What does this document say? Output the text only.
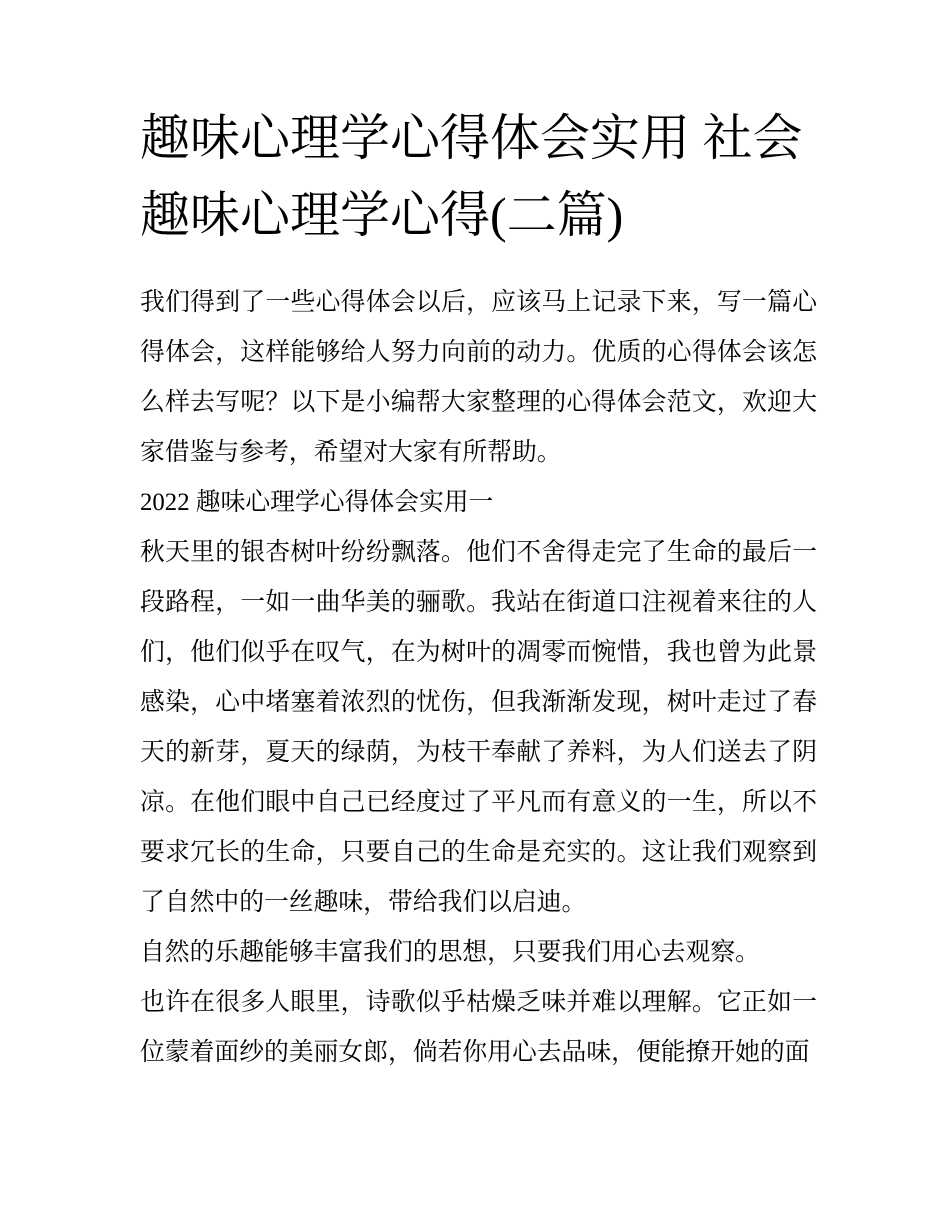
趣味心理学心得体会实用 社会趣味心理学心得(二篇)

我们得到了一些心得体会以后，应该马上记录下来，写一篇心得体会，这样能够给人努力向前的动力。优质的心得体会该怎么样去写呢？以下是小编帮大家整理的心得体会范文，欢迎大家借鉴与参考，希望对大家有所帮助。

2022 趣味心理学心得体会实用一

秋天里的银杏树叶纷纷飘落。他们不舍得走完了生命的最后一段路程，一如一曲华美的骊歌。我站在街道口注视着来往的人们，他们似乎在叹气，在为树叶的凋零而惋惜，我也曾为此景感染，心中堵塞着浓烈的忧伤，但我渐渐发现，树叶走过了春天的新芽，夏天的绿荫，为枝干奉献了养料，为人们送去了阴凉。在他们眼中自己已经度过了平凡而有意义的一生，所以不要求冗长的生命，只要自己的生命是充实的。这让我们观察到了自然中的一丝趣味，带给我们以启迪。

自然的乐趣能够丰富我们的思想，只要我们用心去观察。

也许在很多人眼里，诗歌似乎枯燥乏味并难以理解。它正如一位蒙着面纱的美丽女郎，倘若你用心去品味，便能撩开她的面
